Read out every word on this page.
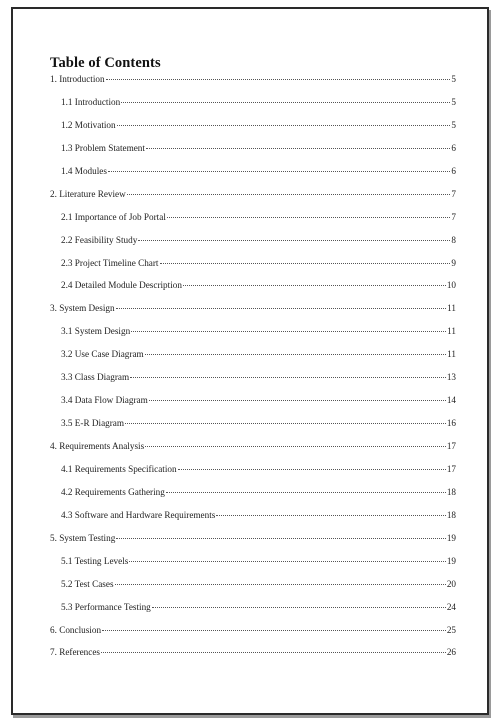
Table of Contents
1. Introduction	5
1.1 Introduction	5
1.2 Motivation	5
1.3 Problem Statement	6
1.4 Modules	6
2. Literature Review	7
2.1 Importance of Job Portal	7
2.2 Feasibility Study	8
2.3 Project Timeline Chart	9
2.4 Detailed Module Description	10
3. System Design	11
3.1 System Design	11
3.2 Use Case Diagram	11
3.3 Class Diagram	13
3.4 Data Flow Diagram	14
3.5 E-R Diagram	16
4. Requirements Analysis	17
4.1 Requirements Specification	17
4.2 Requirements Gathering	18
4.3 Software and Hardware Requirements	18
5. System Testing	19
5.1 Testing Levels	19
5.2 Test Cases	20
5.3 Performance Testing	24
6. Conclusion	25
7. References	26
